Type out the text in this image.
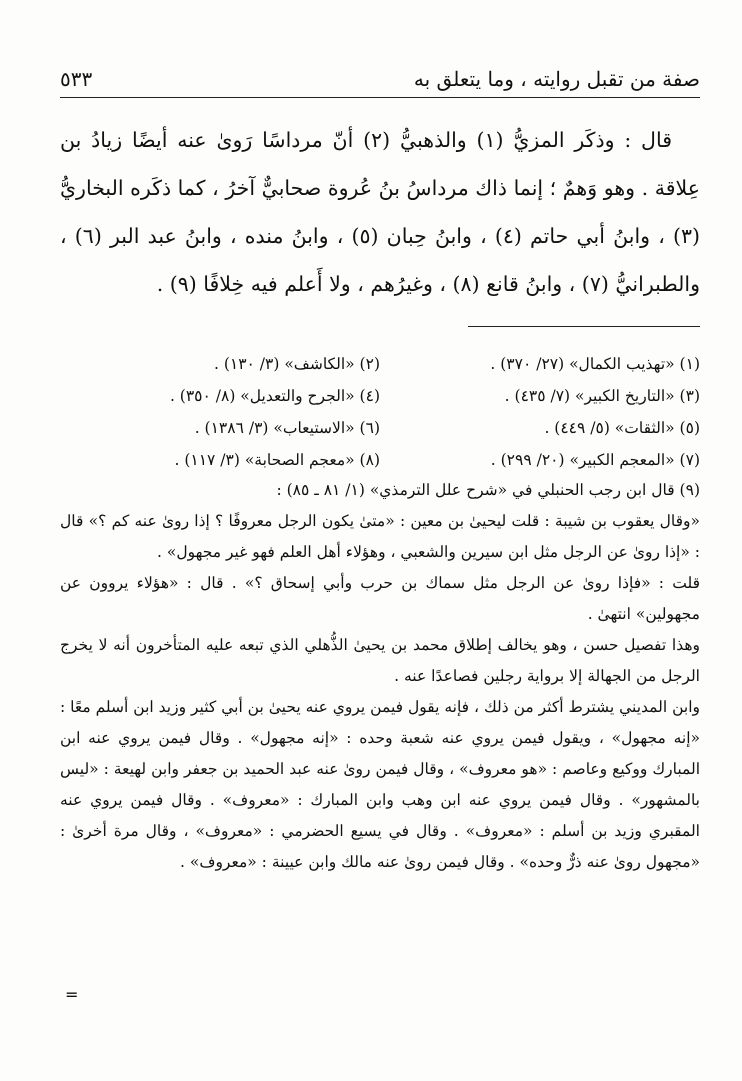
صفة من تقبل روايته ، وما يتعلق به
٥٣٣
قال : وذكَر المزيُّ (١) والذهبيُّ (٢) أنّ مرداسًا رَوىٰ عنه أيضًا زيادُ بن عِلاقة . وهو وَهمٌ ؛ إنما ذاك مرداسُ بنُ عُروة صحابيٌّ آخرُ ، كما ذكَره البخاريُّ (٣) ، وابنُ أبي حاتم (٤) ، وابنُ حِبان (٥) ، وابنُ منده ، وابنُ عبد البر (٦) ، والطبرانيُّ (٧) ، وابنُ قانع (٨) ، وغيرُهم ، ولا أَعلم فيه خِلافًا (٩) .
(١) «تهذيب الكمال» (٢٧/ ٣٧٠) .
(٢) «الكاشف» (٣/ ١٣٠) .
(٣) «التاريخ الكبير» (٧/ ٤٣٥) .
(٤) «الجرح والتعديل» (٨/ ٣٥٠) .
(٥) «الثقات» (٥/ ٤٤٩) .
(٦) «الاستيعاب» (٣/ ١٣٨٦) .
(٧) «المعجم الكبير» (٢٠/ ٢٩٩) .
(٨) «معجم الصحابة» (٣/ ١١٧) .

(٩) قال ابن رجب الحنبلي في «شرح علل الترمذي» (١/ ٨١ ـ ٨٥) :

«وقال يعقوب بن شيبة : قلت ليحيىٰ بن معين : «متىٰ يكون الرجل معروفًا ؟ إذا روىٰ عنه كم ؟» قال : «إذا روىٰ عن الرجل مثل ابن سيرين والشعبي ، وهؤلاء أهل العلم فهو غير مجهول» .

قلت : «فإذا روىٰ عن الرجل مثل سماك بن حرب وأبي إسحاق ؟» . قال : «هؤلاء يروون عن مجهولين» انتهىٰ .

وهذا تفصيل حسن ، وهو يخالف إطلاق محمد بن يحيىٰ الذُّهلي الذي تبعه عليه المتأخرون أنه لا يخرج الرجل من الجهالة إلا برواية رجلين فصاعدًا عنه .

وابن المديني يشترط أكثر من ذلك ، فإنه يقول فيمن يروي عنه يحيىٰ بن أبي كثير وزيد ابن أسلم معًا : «إنه مجهول» ، ويقول فيمن يروي عنه شعبة وحده : «إنه مجهول» . وقال فيمن يروي عنه ابن المبارك ووكيع وعاصم : «هو معروف» ، وقال فيمن روىٰ عنه عبد الحميد بن جعفر وابن لهيعة : «ليس بالمشهور» . وقال فيمن يروي عنه ابن وهب وابن المبارك : «معروف» . وقال فيمن يروي عنه المقبري وزيد بن أسلم : «معروف» . وقال في يسيع الحضرمي : «معروف» ، وقال مرة أخرىٰ : «مجهول روىٰ عنه ذرٌّ وحده» . وقال فيمن روىٰ عنه مالك وابن عيينة : «معروف» .

=
